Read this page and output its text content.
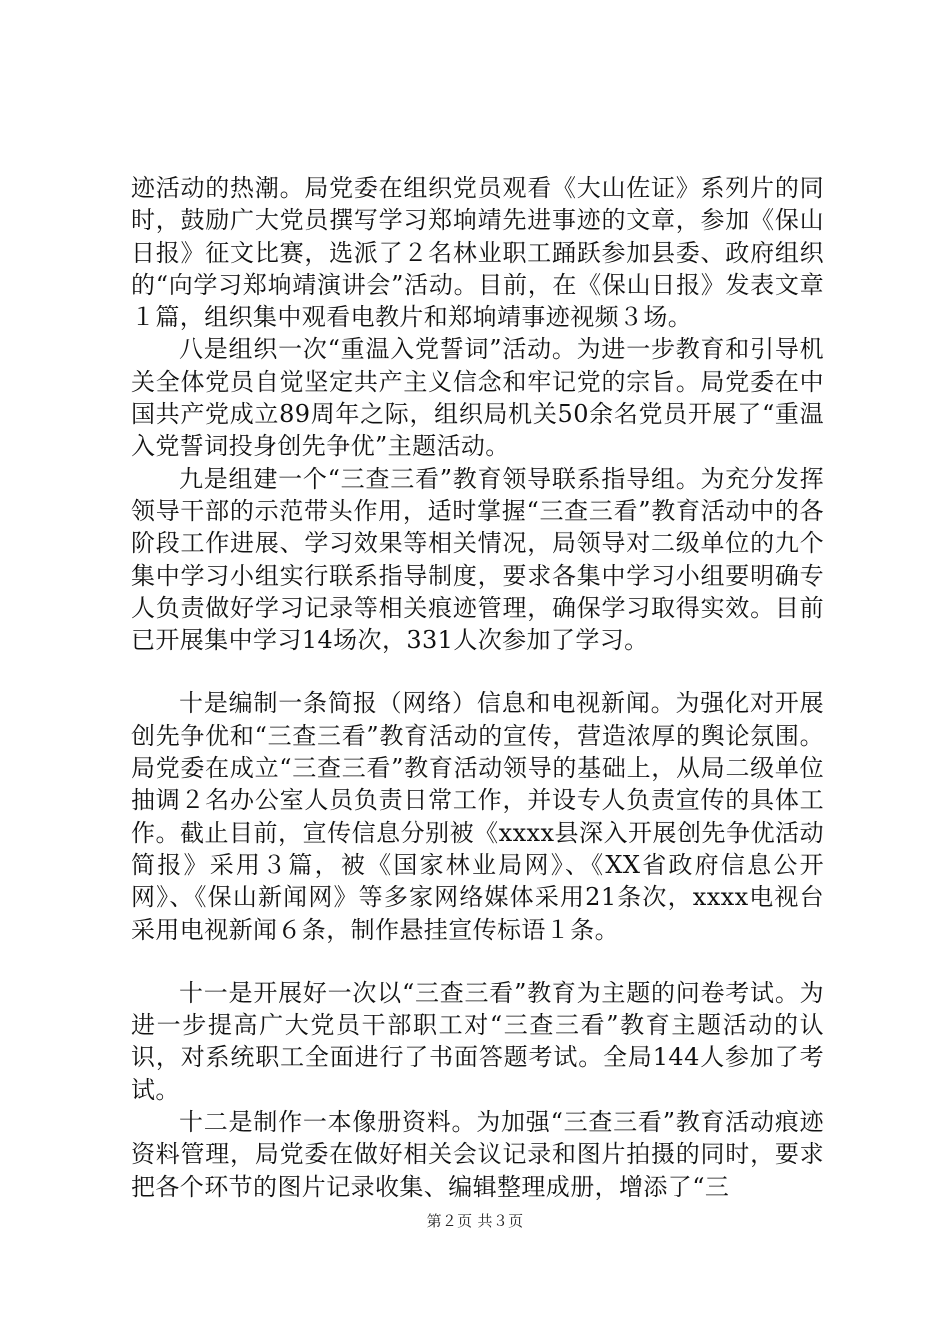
迹活动的热潮。局党委在组织党员观看《大山佐证》系列片的同时，鼓励广大党员撰写学习郑垧靖先进事迹的文章，参加《保山日报》征文比赛，选派了２名林业职工踊跃参加县委、政府组织的“向学习郑垧靖演讲会”活动。目前，在《保山日报》发表文章１篇，组织集中观看电教片和郑垧靖事迹视频３场。

八是组织一次“重温入党誓词”活动。为进一步教育和引导机关全体党员自觉坚定共产主义信念和牢记党的宗旨。局党委在中国共产党成立89周年之际，组织局机关50余名党员开展了“重温入党誓词投身创先争优”主题活动。

九是组建一个“三查三看”教育领导联系指导组。为充分发挥领导干部的示范带头作用，适时掌握“三查三看”教育活动中的各阶段工作进展、学习效果等相关情况，局领导对二级单位的九个集中学习小组实行联系指导制度，要求各集中学习小组要明确专人负责做好学习记录等相关痕迹管理，确保学习取得实效。目前已开展集中学习14场次，331人次参加了学习。

十是编制一条简报（网络）信息和电视新闻。为强化对开展创先争优和“三查三看”教育活动的宣传，营造浓厚的舆论氛围。局党委在成立“三查三看”教育活动领导的基础上，从局二级单位抽调２名办公室人员负责日常工作，并设专人负责宣传的具体工作。截止目前，宣传信息分别被《xxxx县深入开展创先争优活动简报》采用３篇，被《国家林业局网》、《XX省政府信息公开网》、《保山新闻网》等多家网络媒体采用21条次，xxxx电视台采用电视新闻６条，制作悬挂宣传标语１条。

十一是开展好一次以“三查三看”教育为主题的问卷考试。为进一步提高广大党员干部职工对“三查三看”教育主题活动的认识，对系统职工全面进行了书面答题考试。全局144人参加了考试。

十二是制作一本像册资料。为加强“三查三看”教育活动痕迹资料管理，局党委在做好相关会议记录和图片拍摄的同时，要求把各个环节的图片记录收集、编辑整理成册，增添了“三

第２页 共３页
